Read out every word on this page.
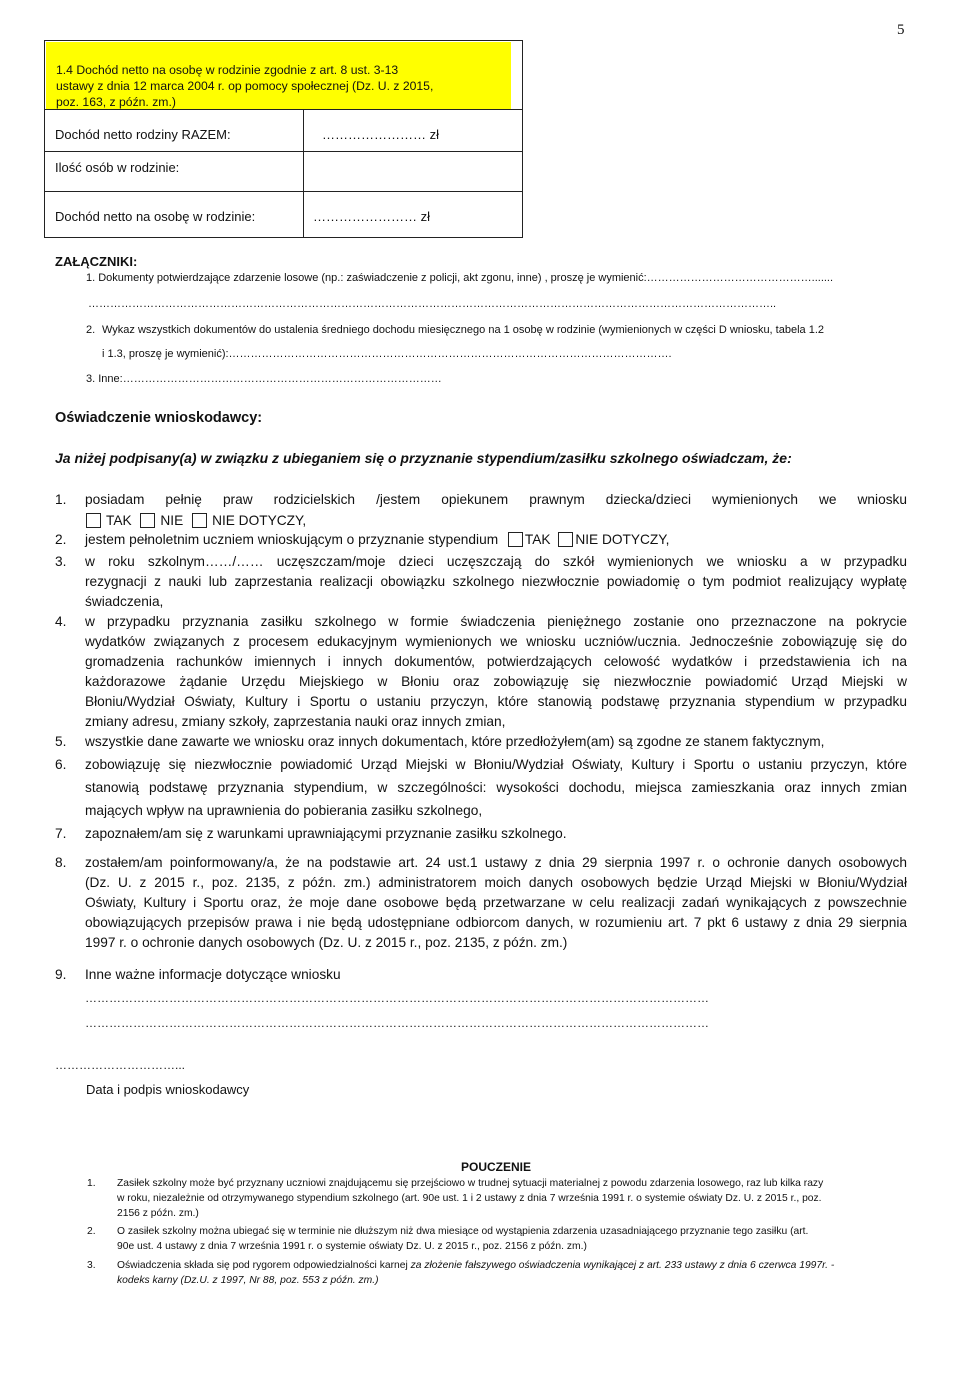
5
1.4 Dochód netto na osobę w rodzinie zgodnie z art. 8 ust. 3-13
ustawy z dnia 12 marca 2004 r. op pomocy społecznej (Dz. U. z 2015,
poz. 163, z późn. zm.)
Dochód netto rodziny RAZEM:	…………………… zł
Ilość osób w rodzinie:
Dochód netto na osobę w rodzinie:	…………………… zł
ZAŁĄCZNIKI:
1. Dokumenty potwierdzające zdarzenie losowe (np.: zaświadczenie z policji, akt zgonu, inne) , proszę je wymienić:……………………………………….......
……………………………………………………………………………………………………………………………………………………………………..
2. Wykaz wszystkich dokumentów do ustalenia średniego dochodu miesięcznego na 1 osobę w rodzinie (wymienionych w części D wniosku, tabela 1.2
i 1.3, proszę je wymienić):………………………………………………………………………………………………………….
3. Inne:……………………………………………………………………………
Oświadczenie wnioskodawcy:
Ja niżej podpisany(a) w związku z ubieganiem się o przyznanie stypendium/zasiłku szkolnego oświadczam, że:
1. posiadam pełnię praw rodzicielskich /jestem opiekunem prawnym dziecka/dzieci wymienionych we wniosku
TAK NIE NIE DOTYCZY,
2. jestem pełnoletnim uczniem wnioskującym o przyznanie stypendium TAK NIE DOTYCZY,
3. w roku szkolnym……/…… uczęszczam/moje dzieci uczęszczają do szkół wymienionych we wniosku a w przypadku
rezygnacji z nauki lub zaprzestania realizacji obowiązku szkolnego niezwłocznie powiadomię o tym podmiot realizujący wypłatę
świadczenia,
4. w przypadku przyznania zasiłku szkolnego w formie świadczenia pieniężnego zostanie ono przeznaczone na pokrycie
wydatków związanych z procesem edukacyjnym wymienionych we wniosku uczniów/ucznia. Jednocześnie zobowiązuję się do
gromadzenia rachunków imiennych i innych dokumentów, potwierdzających celowość wydatków i przedstawienia ich na
każdorazowe żądanie Urzędu Miejskiego w Błoniu oraz zobowiązuję się niezwłocznie powiadomić Urząd Miejski w
Błoniu/Wydział Oświaty, Kultury i Sportu o ustaniu przyczyn, które stanowią podstawę przyznania stypendium w przypadku
zmiany adresu, zmiany szkoły, zaprzestania nauki oraz innych zmian,
5. wszystkie dane zawarte we wniosku oraz innych dokumentach, które przedłożyłem(am) są zgodne ze stanem faktycznym,
6. zobowiązuję się niezwłocznie powiadomić Urząd Miejski w Błoniu/Wydział Oświaty, Kultury i Sportu o ustaniu przyczyn, które
stanowią podstawę przyznania stypendium, w szczególności: wysokości dochodu, miejsca zamieszkania oraz innych zmian
mających wpływ na uprawnienia do pobierania zasiłku szkolnego,
7. zapoznałem/am się z warunkami uprawniającymi przyznanie zasiłku szkolnego.
8. zostałem/am poinformowany/a, że na podstawie art. 24 ust.1 ustawy z dnia 29 sierpnia 1997 r. o ochronie danych osobowych
(Dz. U. z 2015 r., poz. 2135, z późn. zm.) administratorem moich danych osobowych będzie Urząd Miejski w Błoniu/Wydział
Oświaty, Kultury i Sportu oraz, że moje dane osobowe będą przetwarzane w celu realizacji zadań wynikających z powszechnie
obowiązujących przepisów prawa i nie będą udostępniane odbiorcom danych, w rozumieniu art. 7 pkt 6 ustawy z dnia 29 sierpnia
1997 r. o ochronie danych osobowych (Dz. U. z 2015 r., poz. 2135, z późn. zm.)
9. Inne ważne informacje dotyczące wniosku
…………………………………………………………………………………………………………………………………………
…………………………………………………………………………………………………………………………………………
…………………………...
Data i podpis wnioskodawcy
POUCZENIE
1. Zasiłek szkolny może być przyznany uczniowi znajdującemu się przejściowo w trudnej sytuacji materialnej z powodu zdarzenia losowego, raz lub kilka razy
w roku, niezależnie od otrzymywanego stypendium szkolnego (art. 90e ust. 1 i 2 ustawy z dnia 7 września 1991 r. o systemie oświaty Dz. U. z 2015 r., poz.
2156 z późn. zm.)
2. O zasiłek szkolny można ubiegać się w terminie nie dłuższym niż dwa miesiące od wystąpienia zdarzenia uzasadniającego przyznanie tego zasiłku (art.
90e ust. 4 ustawy z dnia 7 września 1991 r. o systemie oświaty Dz. U. z 2015 r., poz. 2156 z późn. zm.)
3. Oświadczenia składa się pod rygorem odpowiedzialności karnej za złożenie fałszywego oświadczenia wynikającej z art. 233 ustawy z dnia 6 czerwca 1997r. -
kodeks karny (Dz.U. z 1997, Nr 88, poz. 553 z późn. zm.)
